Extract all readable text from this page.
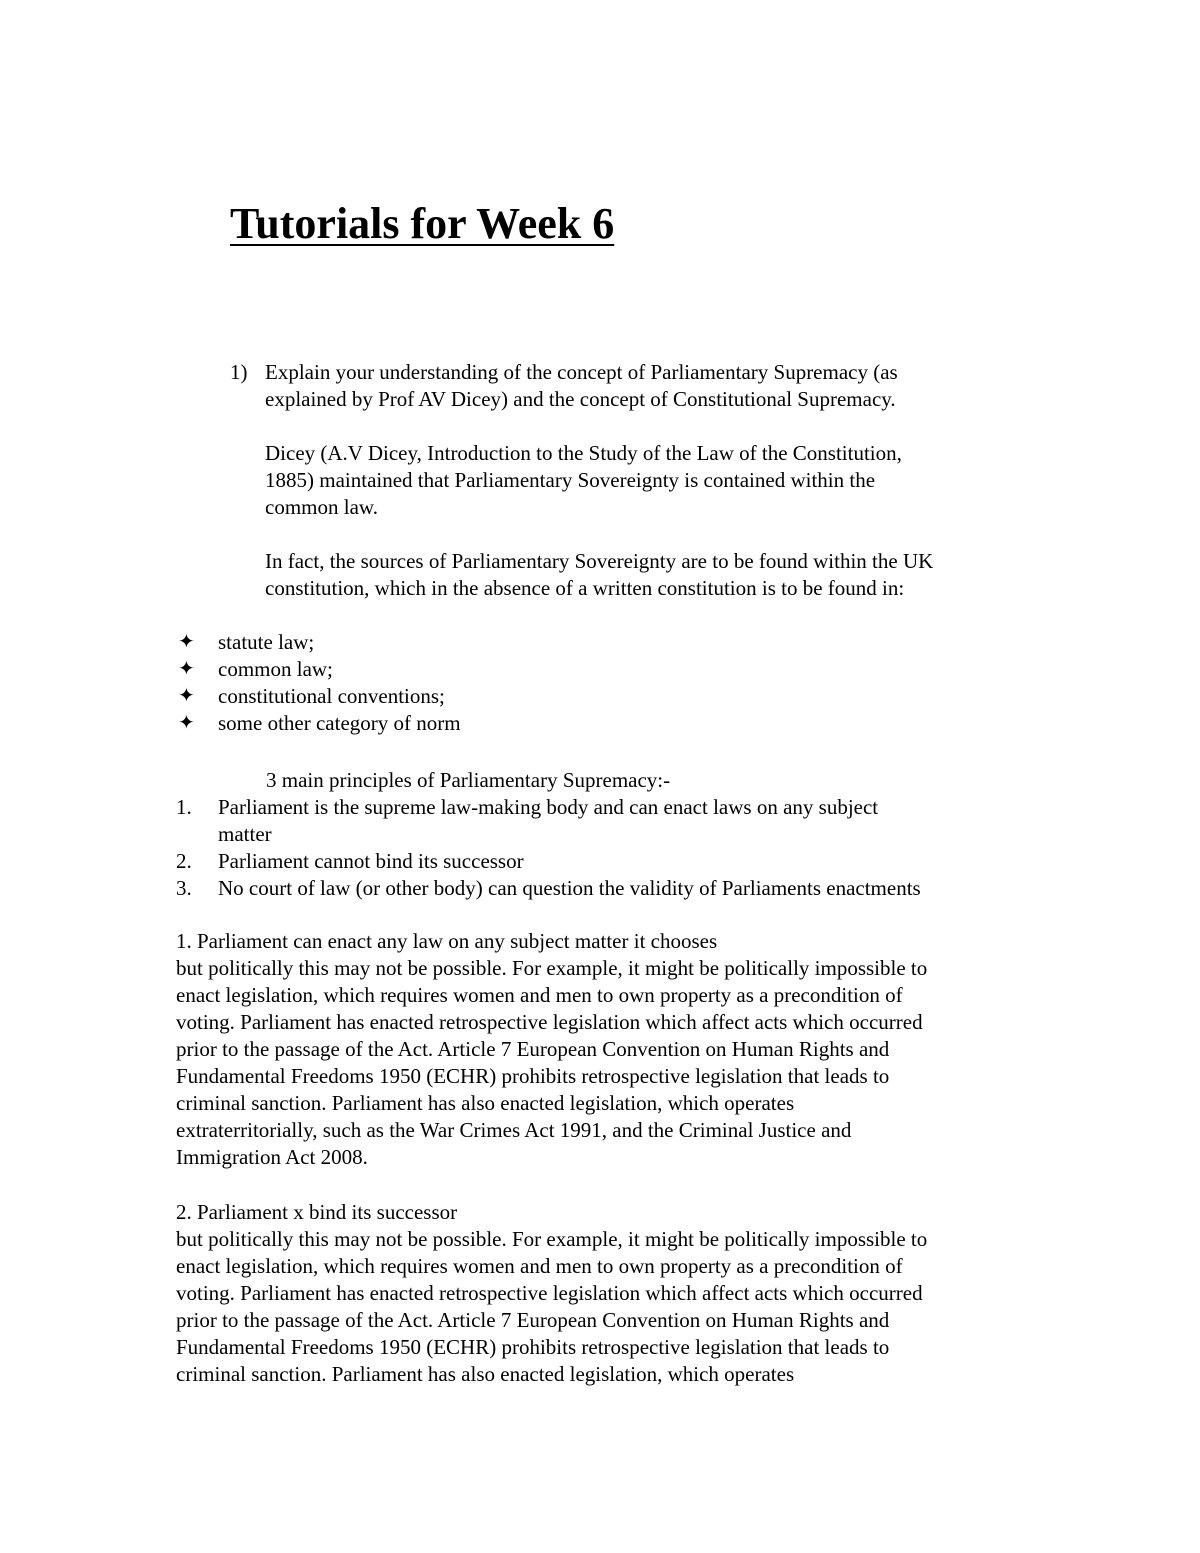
Tutorials for Week 6
1) Explain your understanding of the concept of Parliamentary Supremacy (as
explained by Prof AV Dicey) and the concept of Constitutional Supremacy.
Dicey (A.V Dicey, Introduction to the Study of the Law of the Constitution,
1885) maintained that Parliamentary Sovereignty is contained within the
common law.
In fact, the sources of Parliamentary Sovereignty are to be found within the UK
constitution, which in the absence of a written constitution is to be found in:
✦	statute law;
✦	common law;
✦	constitutional conventions;
✦	some other category of norm
3 main principles of Parliamentary Supremacy:-
1.	Parliament is the supreme law-making body and can enact laws on any subject
matter
2.	Parliament cannot bind its successor
3.	No court of law (or other body) can question the validity of Parliaments enactments
1. Parliament can enact any law on any subject matter it chooses
but politically this may not be possible. For example, it might be politically impossible to
enact legislation, which requires women and men to own property as a precondition of
voting. Parliament has enacted retrospective legislation which affect acts which occurred
prior to the passage of the Act. Article 7 European Convention on Human Rights and
Fundamental Freedoms 1950 (ECHR) prohibits retrospective legislation that leads to
criminal sanction. Parliament has also enacted legislation, which operates
extraterritorially, such as the War Crimes Act 1991, and the Criminal Justice and
Immigration Act 2008.
2. Parliament x bind its successor
but politically this may not be possible. For example, it might be politically impossible to
enact legislation, which requires women and men to own property as a precondition of
voting. Parliament has enacted retrospective legislation which affect acts which occurred
prior to the passage of the Act. Article 7 European Convention on Human Rights and
Fundamental Freedoms 1950 (ECHR) prohibits retrospective legislation that leads to
criminal sanction. Parliament has also enacted legislation, which operates
